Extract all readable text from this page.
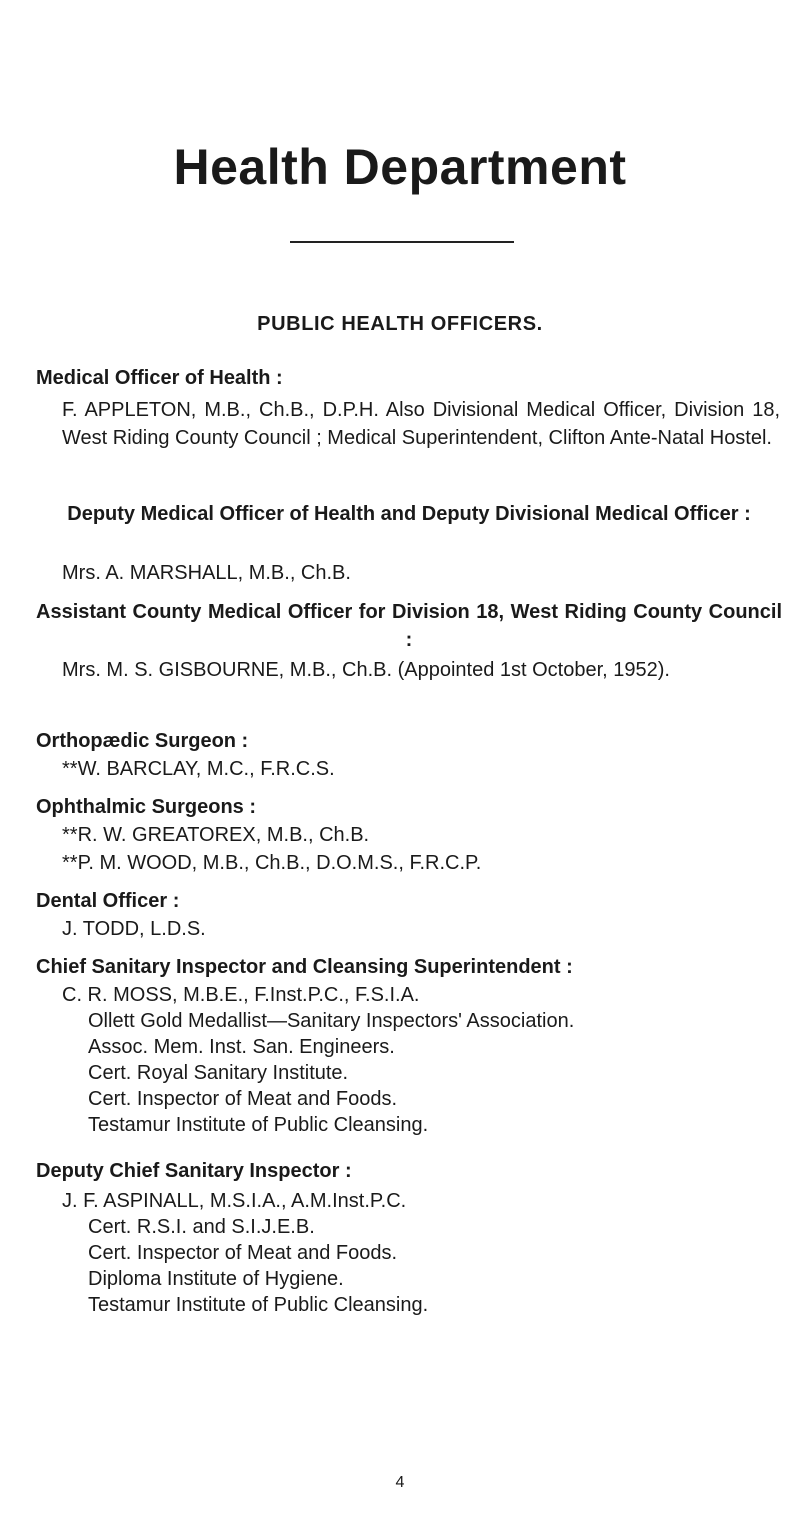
Health Department
PUBLIC HEALTH OFFICERS.

Medical Officer of Health :

F. APPLETON, M.B., Ch.B., D.P.H. Also Divisional Medical Officer, Division 18, West Riding County Council ; Medical Superintendent, Clifton Ante-Natal Hostel.

Deputy Medical Officer of Health and Deputy Divisional Medical Officer :

Mrs. A. MARSHALL, M.B., Ch.B.

Assistant County Medical Officer for Division 18, West Riding County Council :

Mrs. M. S. GISBOURNE, M.B., Ch.B. (Appointed 1st October, 1952).

Orthopædic Surgeon :

**W. BARCLAY, M.C., F.R.C.S.

Ophthalmic Surgeons :

**R. W. GREATOREX, M.B., Ch.B.

**P. M. WOOD, M.B., Ch.B., D.O.M.S., F.R.C.P.

Dental Officer :

J. TODD, L.D.S.

Chief Sanitary Inspector and Cleansing Superintendent :

C. R. MOSS, M.B.E., F.Inst.P.C., F.S.I.A.

Ollett Gold Medallist—Sanitary Inspectors' Association.

Assoc. Mem. Inst. San. Engineers.

Cert. Royal Sanitary Institute.

Cert. Inspector of Meat and Foods.

Testamur Institute of Public Cleansing.

Deputy Chief Sanitary Inspector :

J. F. ASPINALL, M.S.I.A., A.M.Inst.P.C.

Cert. R.S.I. and S.I.J.E.B.

Cert. Inspector of Meat and Foods.

Diploma Institute of Hygiene.

Testamur Institute of Public Cleansing.

4
